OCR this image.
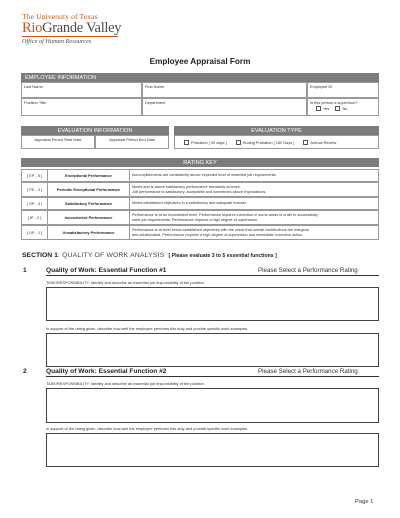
The University of Texas
RioGrande Valley
Office of Human Resources
Employee Appraisal Form
EMPLOYEE INFORMATION
Last Name	First Name	Employee ID
Position Title	Department	Is this person a supervisor?
Yes	No
EVALUATION INFORMATION	EVALUATION TYPE
Appraisal Period Start Date	Appraisal Period End Date	Probation [ 90 days ]	Ending Probation [ 150 Days ]	Annual Review
RATING KEY
[ EP - 5 ]	Exceptional Performance	Accomplishments are consistently above expected level of essential job requirements.
[ PE - 4 ]	Periodic Exceptional Performance	Meets and is above satisfactory performance standards at times.
Job performance is satisfactory, acceptable and sometimes above expectations.
[ SP - 3 ]	Satisfactory Performance	Meets established objectives in a satisfactory and adequate manner.
[ IP - 2 ]	Inconsistent Performance	Performance is at an inconsistent level. Performance requires correction in some areas in order to successfully
meet job requirements. Performance requires a high degree of supervision.
[ UP - 1 ]	Unsatisfactory Performance	Performance is at level below established objectives with the result that overall contributions are marginal
and substandard. Performance requires a high degree of supervision and immediate corrective action.
SECTION 1: QUALITY OF WORK ANALYSIS [ Please evaluate 3 to 5 essential functions ]
1	Quality of Work: Essential Function #1	Please Select a Performance Rating
TASK/RESPONSIBILITY: Identify and describe an essential job responsibility of the position.
In support of the rating given, describe how well the employee performs this duty and provide specific work examples.
2	Quality of Work: Essential Function #2	Please Select a Performance Rating
TASK/RESPONSIBILITY: Identify and describe an essential job responsibility of the position.
In support of the rating given, describe how well the employee performs this duty and provide specific work examples.
Page 1
